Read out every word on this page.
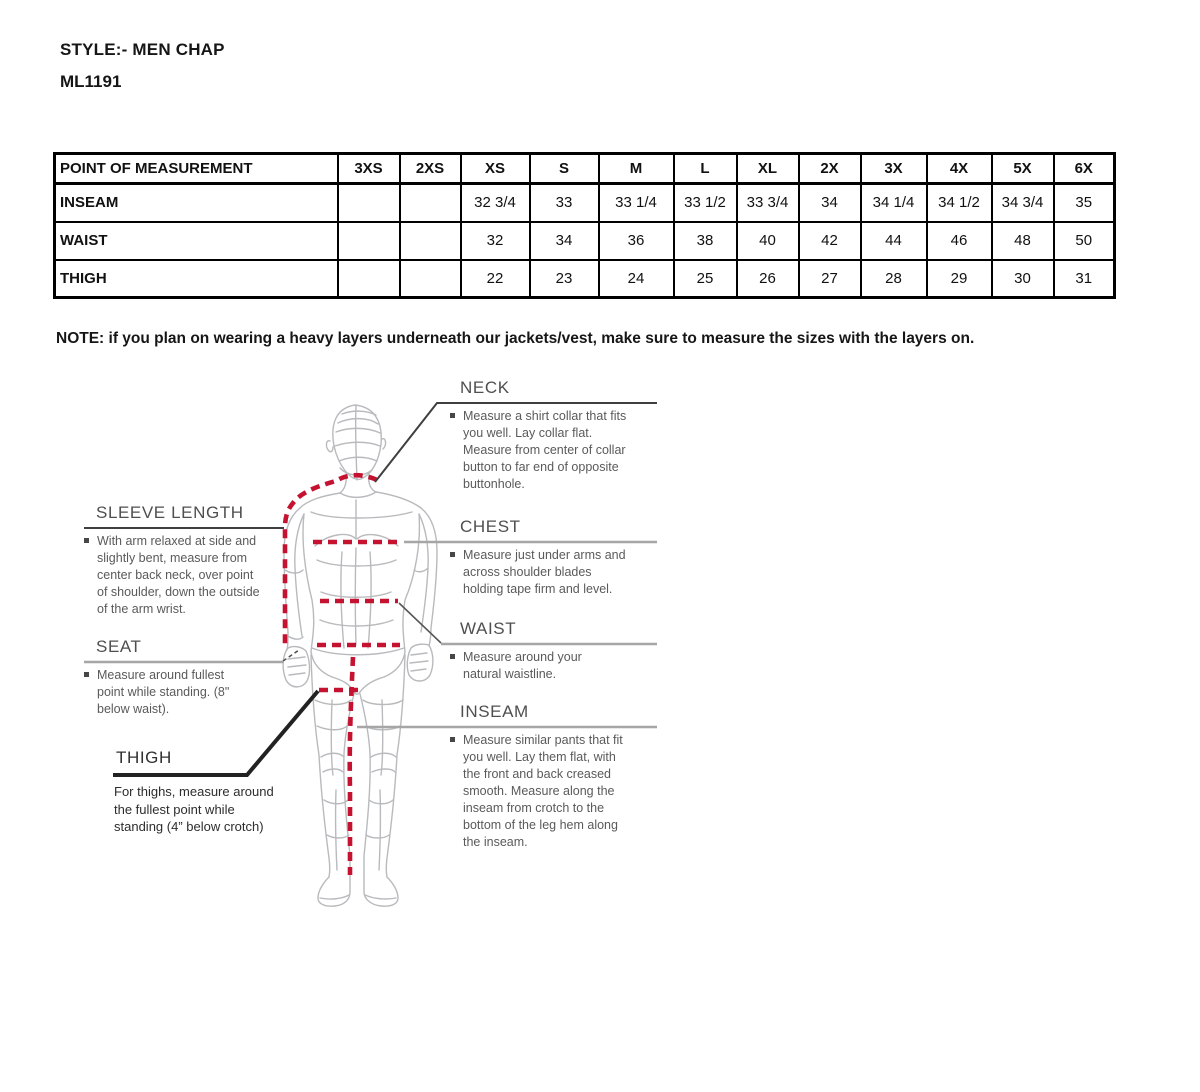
STYLE:- MEN CHAP
ML1191
POINT OF MEASUREMENT	3XS	2XS	XS	S	M	L	XL	2X	3X	4X	5X	6X
INSEAM			32 3/4	33	33 1/4	33 1/2	33 3/4	34	34 1/4	34 1/2	34 3/4	35
WAIST			32	34	36	38	40	42	44	46	48	50
THIGH			22	23	24	25	26	27	28	29	30	31
NOTE: if you plan on wearing a heavy layers underneath our jackets/vest, make sure to measure the sizes with the layers on.
SLEEVE LENGTH
With arm relaxed at side and slightly bent, measure from center back neck, over point of shoulder, down the outside of the arm wrist.
SEAT
Measure around fullest point while standing. (8" below waist).
THIGH
For thighs, measure around the fullest point while standing (4” below crotch)
NECK
Measure a shirt collar that fits you well. Lay collar flat. Measure from center of collar button to far end of opposite buttonhole.
CHEST
Measure just under arms and across shoulder blades holding tape firm and level.
WAIST
Measure around your natural waistline.
INSEAM
Measure similar pants that fit you well. Lay them flat, with the front and back creased smooth. Measure along the inseam from crotch to the bottom of the leg hem along the inseam.
